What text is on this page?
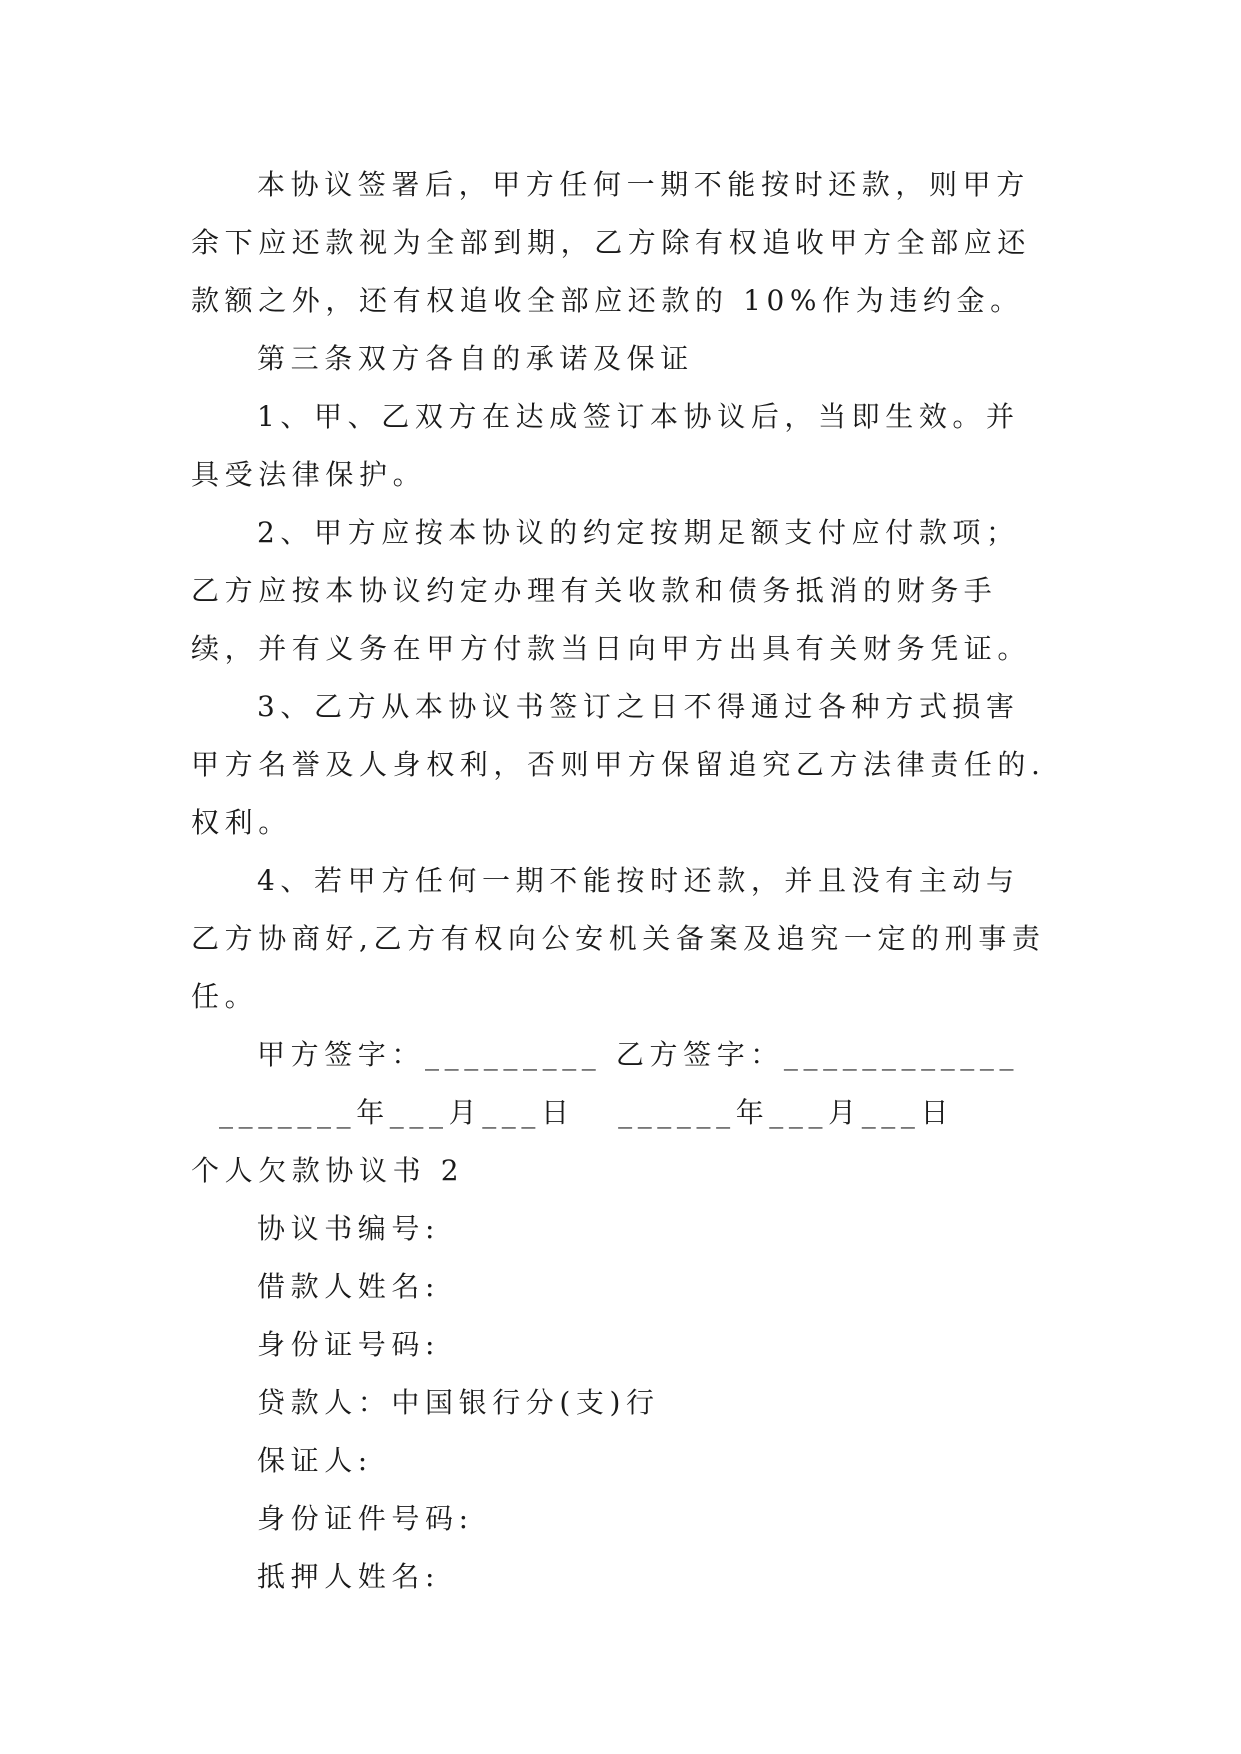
本协议签署后，甲方任何一期不能按时还款，则甲方余下应还款视为全部到期，乙方除有权追收甲方全部应还款额之外，还有权追收全部应还款的 10%作为违约金。

第三条双方各自的承诺及保证

1、甲、乙双方在达成签订本协议后，当即生效。并具受法律保护。

2、甲方应按本协议的约定按期足额支付应付款项；乙方应按本协议约定办理有关收款和债务抵消的财务手续，并有义务在甲方付款当日向甲方出具有关财务凭证。

3、乙方从本协议书签订之日不得通过各种方式损害甲方名誉及人身权利，否则甲方保留追究乙方法律责任的.权利。

4、若甲方任何一期不能按时还款，并且没有主动与乙方协商好,乙方有权向公安机关备案及追究一定的刑事责任。

甲方签字：_________ 乙方签字：____________

_______年___月___日   ______年___月___日

个人欠款协议书 2

协议书编号:

借款人姓名:

身份证号码:

贷款人：中国银行分(支)行

保证人:

身份证件号码:

抵押人姓名:
